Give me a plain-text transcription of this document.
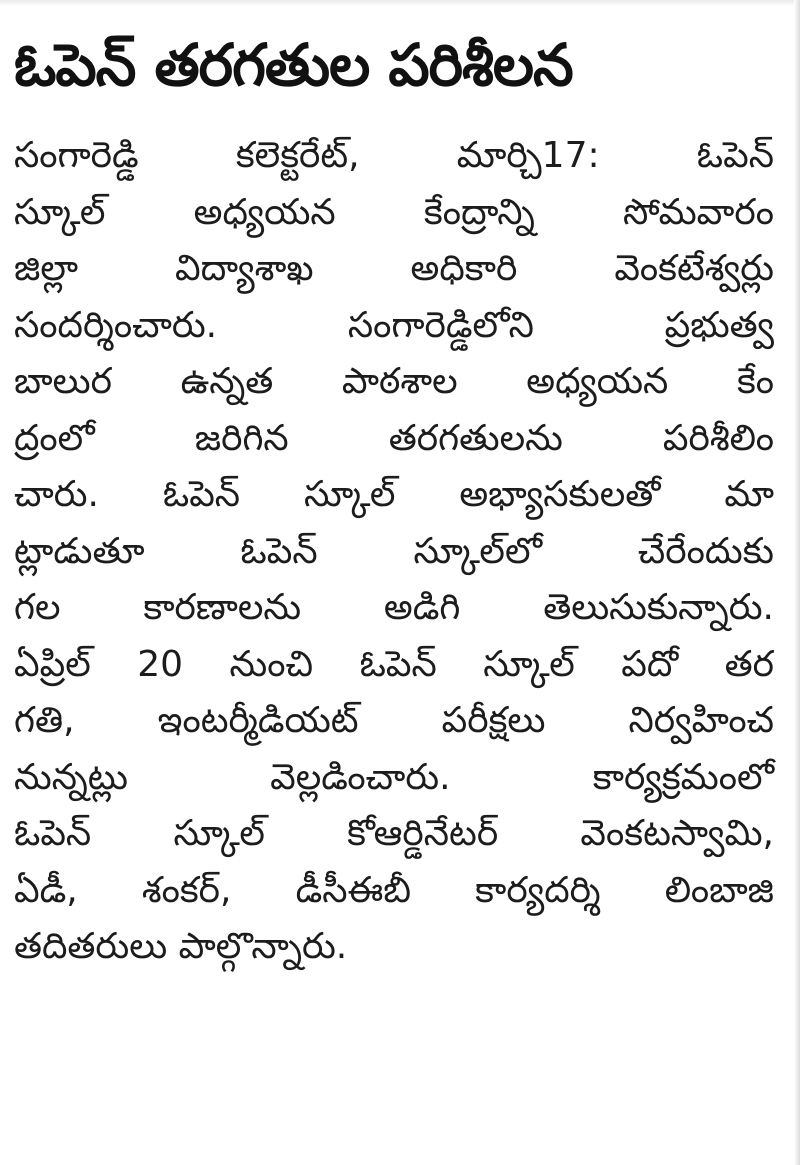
ఓపెన్ తరగతుల పరిశీలన
సంగారెడ్డి కలెక్టరేట్, మార్చి17: ఓపెన్
స్కూల్ అధ్యయన కేంద్రాన్ని సోమవారం
జిల్లా విద్యాశాఖ అధికారి వెంకటేశ్వర్లు
సందర్శించారు. సంగారెడ్డిలోని ప్రభుత్వ
బాలుర ఉన్నత పాఠశాల అధ్యయన కేం
ద్రంలో జరిగిన తరగతులను పరిశీలిం
చారు. ఓపెన్ స్కూల్ అభ్యాసకులతో మా
ట్లాడుతూ ఓపెన్ స్కూల్‌లో చేరేందుకు
గల కారణాలను అడిగి తెలుసుకున్నారు.
ఏప్రిల్ 20 నుంచి ఓపెన్ స్కూల్ పదో తర
గతి, ఇంటర్మీడియట్ పరీక్షలు నిర్వహించ
నున్నట్లు వెల్లడించారు. కార్యక్రమంలో
ఓపెన్ స్కూల్ కోఆర్డినేటర్ వెంకటస్వామి,
ఏడీ, శంకర్, డీసీఈబీ కార్యదర్శి లింబాజి
తదితరులు పాల్గొన్నారు.
